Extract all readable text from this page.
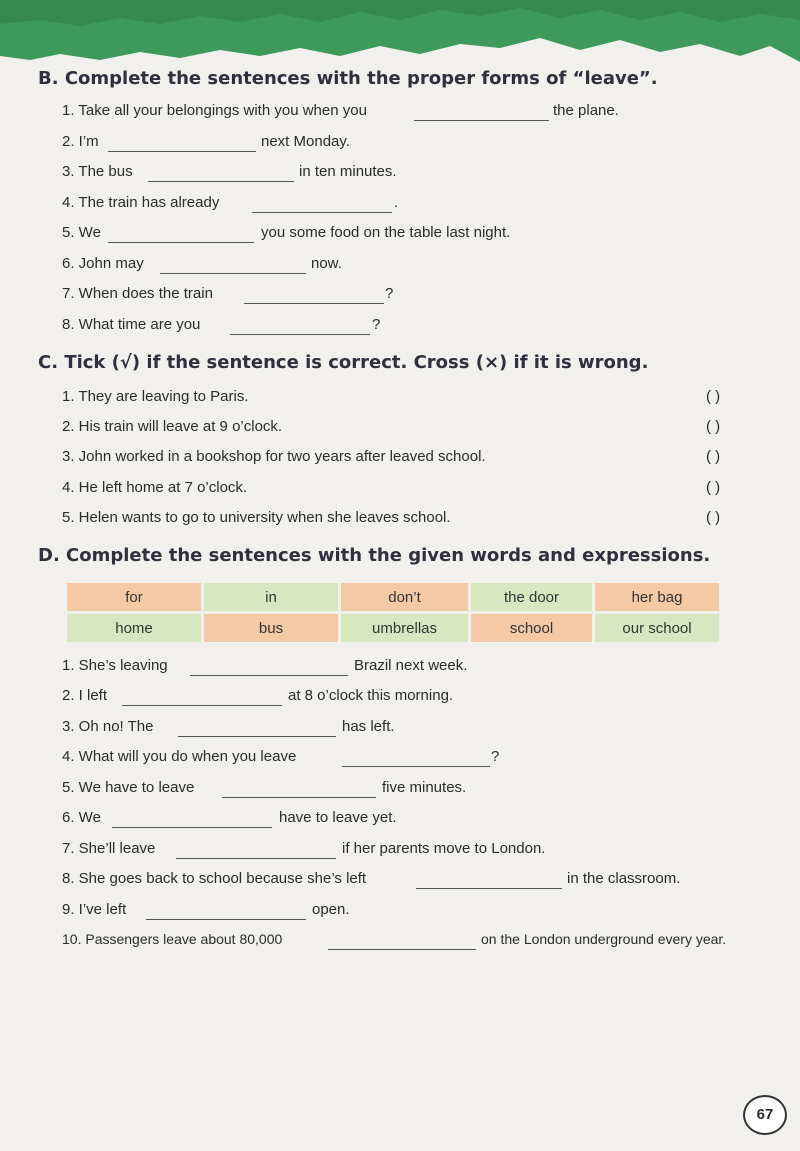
B. Complete the sentences with the proper forms of “leave”.
1. Take all your belongings with you when you	the plane.
2. I’m	next Monday.
3. The bus	in ten minutes.
4. The train has already	.
5. We	you some food on the table last night.
6. John may	now.
7. When does the train	?
8. What time are you	?
C. Tick (√) if the sentence is correct. Cross (×) if it is wrong.
1. They are leaving to Paris.	( )
2. His train will leave at 9 o’clock.	( )
3. John worked in a bookshop for two years after leaved school.	( )
4. He left home at 7 o’clock.	( )
5. Helen wants to go to university when she leaves school.	( )
D. Complete the sentences with the given words and expressions.
for	in	don’t	the door	her bag
home	bus	umbrellas	school	our school
1. She’s leaving	Brazil next week.
2. I left	at 8 o’clock this morning.
3. Oh no! The	has left.
4. What will you do when you leave	?
5. We have to leave	five minutes.
6. We	have to leave yet.
7. She’ll leave	if her parents move to London.
8. She goes back to school because she’s left	in the classroom.
9. I’ve left	open.
10. Passengers leave about 80,000	on the London underground every year.
67
